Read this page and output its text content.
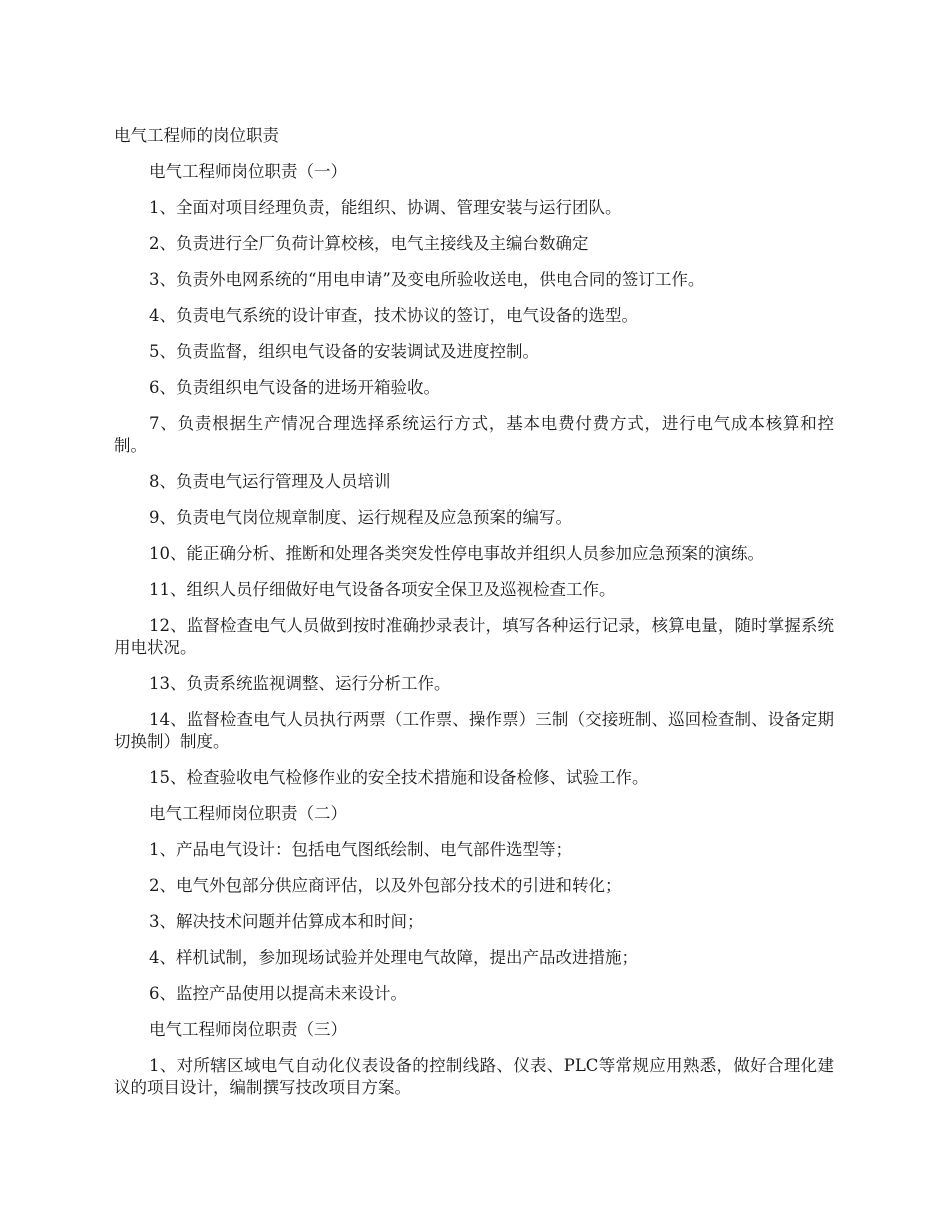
电气工程师的岗位职责

电气工程师岗位职责（一）

1、全面对项目经理负责，能组织、协调、管理安装与运行团队。

2、负责进行全厂负荷计算校核，电气主接线及主编台数确定

3、负责外电网系统的“用电申请”及变电所验收送电，供电合同的签订工作。

4、负责电气系统的设计审查，技术协议的签订，电气设备的选型。

5、负责监督，组织电气设备的安装调试及进度控制。

6、负责组织电气设备的进场开箱验收。

7、负责根据生产情况合理选择系统运行方式，基本电费付费方式，进行电气成本核算和控制。

8、负责电气运行管理及人员培训

9、负责电气岗位规章制度、运行规程及应急预案的编写。

10、能正确分析、推断和处理各类突发性停电事故并组织人员参加应急预案的演练。

11、组织人员仔细做好电气设备各项安全保卫及巡视检查工作。

12、监督检查电气人员做到按时准确抄录表计，填写各种运行记录，核算电量，随时掌握系统用电状况。

13、负责系统监视调整、运行分析工作。

14、监督检查电气人员执行两票（工作票、操作票）三制（交接班制、巡回检查制、设备定期切换制）制度。

15、检查验收电气检修作业的安全技术措施和设备检修、试验工作。

电气工程师岗位职责（二）

1、产品电气设计：包括电气图纸绘制、电气部件选型等；

2、电气外包部分供应商评估，以及外包部分技术的引进和转化；

3、解决技术问题并估算成本和时间；

4、样机试制，参加现场试验并处理电气故障，提出产品改进措施；

6、监控产品使用以提高未来设计。

电气工程师岗位职责（三）

1、对所辖区域电气自动化仪表设备的控制线路、仪表、PLC等常规应用熟悉，做好合理化建议的项目设计，编制撰写技改项目方案。
